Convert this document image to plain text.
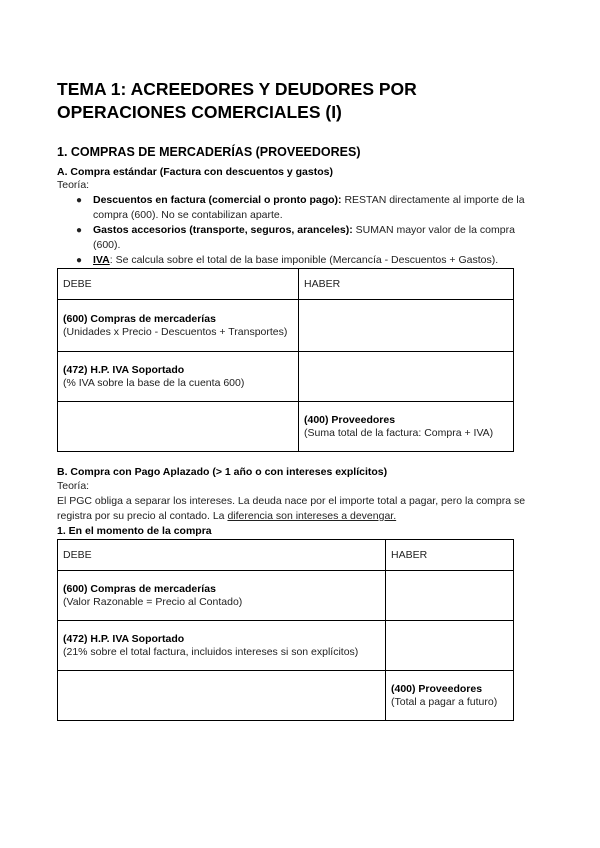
TEMA 1: ACREEDORES Y DEUDORES POR OPERACIONES COMERCIALES (I)
1. COMPRAS DE MERCADERÍAS (PROVEEDORES)
A. Compra estándar (Factura con descuentos y gastos)
Teoría:
● Descuentos en factura (comercial o pronto pago): RESTAN directamente al importe de la compra (600). No se contabilizan aparte.
● Gastos accesorios (transporte, seguros, aranceles): SUMAN mayor valor de la compra (600).
● IVA: Se calcula sobre el total de la base imponible (Mercancía - Descuentos + Gastos).
DEBE	HABER

(600) Compras de mercaderías
(Unidades x Precio - Descuentos + Transportes)	

(472) H.P. IVA Soportado
(% IVA sobre la base de la cuenta 600)	

	(400) Proveedores
(Suma total de la factura: Compra + IVA)
B. Compra con Pago Aplazado (> 1 año o con intereses explícitos)
Teoría:
El PGC obliga a separar los intereses. La deuda nace por el importe total a pagar, pero la compra se registra por su precio al contado. La diferencia son intereses a devengar.
1. En el momento de la compra
DEBE	HABER

(600) Compras de mercaderías
(Valor Razonable = Precio al Contado)	

(472) H.P. IVA Soportado
(21% sobre el total factura, incluidos intereses si son explícitos)	

	(400) Proveedores
(Total a pagar a futuro)
